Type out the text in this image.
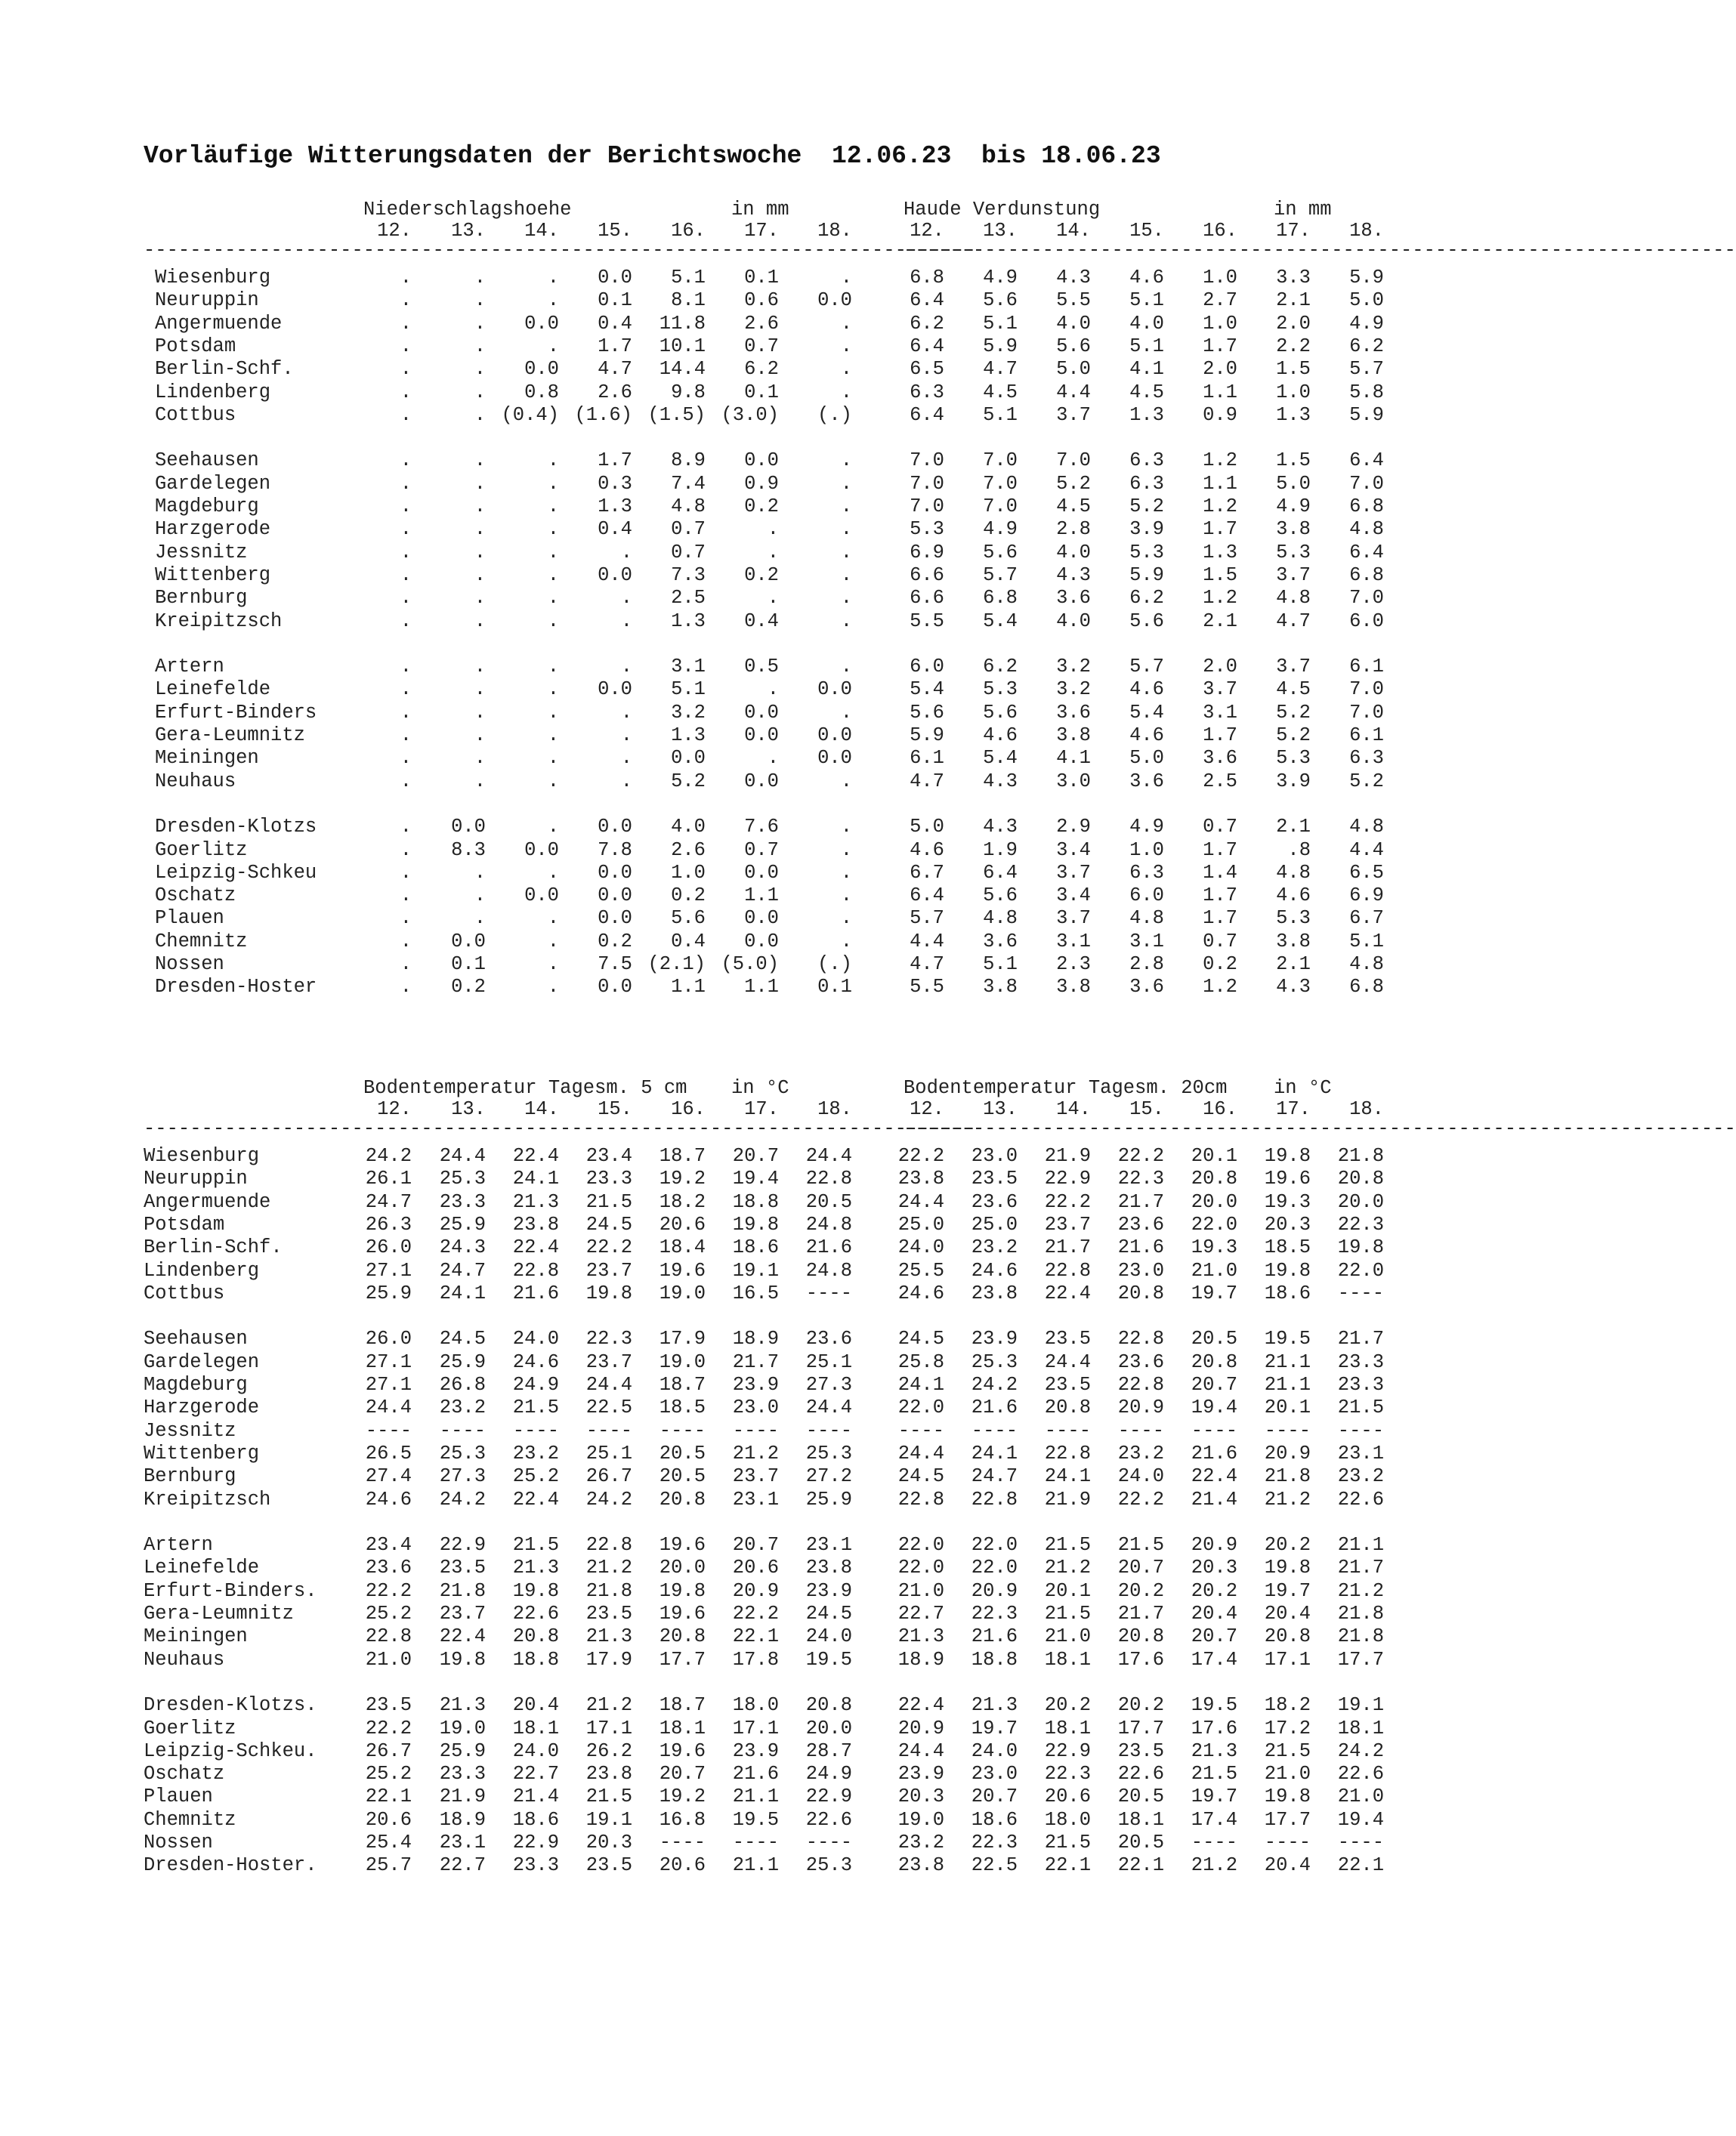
Vorläufige Witterungsdaten der Berichtswoche  12.06.23  bis 18.06.23
Niederschlagshoehe	in mm	Haude Verdunstung	in mm
12.	12.
13.	13.
14.	14.
15.	15.
16.	16.
17.	17.
18.	18.
------------------------------------------------------------------------
------------------------------------------------------------------------
Wiesenburg	.	.	.	0.0	5.1	0.1	.	6.8	4.9	4.3	4.6	1.0	3.3	5.9
Neuruppin	.	.	.	0.1	8.1	0.6	0.0	6.4	5.6	5.5	5.1	2.7	2.1	5.0
Angermuende	.	.	0.0	0.4	11.8	2.6	.	6.2	5.1	4.0	4.0	1.0	2.0	4.9
Potsdam	.	.	.	1.7	10.1	0.7	.	6.4	5.9	5.6	5.1	1.7	2.2	6.2
Berlin-Schf.	.	.	0.0	4.7	14.4	6.2	.	6.5	4.7	5.0	4.1	2.0	1.5	5.7
Lindenberg	.	.	0.8	2.6	9.8	0.1	.	6.3	4.5	4.4	4.5	1.1	1.0	5.8
Cottbus	.	. (0.4) (1.6) (1.5) (3.0)	(.)	6.4	5.1	3.7	1.3	0.9	1.3	5.9
Seehausen	.	.	.	1.7	8.9	0.0	.	7.0	7.0	7.0	6.3	1.2	1.5	6.4
Gardelegen	.	.	.	0.3	7.4	0.9	.	7.0	7.0	5.2	6.3	1.1	5.0	7.0
Magdeburg	.	.	.	1.3	4.8	0.2	.	7.0	7.0	4.5	5.2	1.2	4.9	6.8
Harzgerode	.	.	.	0.4	0.7	.	.	5.3	4.9	2.8	3.9	1.7	3.8	4.8
Jessnitz	.	.	.	.	0.7	.	.	6.9	5.6	4.0	5.3	1.3	5.3	6.4
Wittenberg	.	.	.	0.0	7.3	0.2	.	6.6	5.7	4.3	5.9	1.5	3.7	6.8
Bernburg	.	.	.	.	2.5	.	.	6.6	6.8	3.6	6.2	1.2	4.8	7.0
Kreipitzsch	.	.	.	.	1.3	0.4	.	5.5	5.4	4.0	5.6	2.1	4.7	6.0
Artern	.	.	.	.	3.1	0.5	.	6.0	6.2	3.2	5.7	2.0	3.7	6.1
Leinefelde	.	.	.	0.0	5.1	.	0.0	5.4	5.3	3.2	4.6	3.7	4.5	7.0
Erfurt-Binders	.	.	.	.	3.2	0.0	.	5.6	5.6	3.6	5.4	3.1	5.2	7.0
Gera-Leumnitz	.	.	.	.	1.3	0.0	0.0	5.9	4.6	3.8	4.6	1.7	5.2	6.1
Meiningen	.	.	.	.	0.0	.	0.0	6.1	5.4	4.1	5.0	3.6	5.3	6.3
Neuhaus	.	.	.	.	5.2	0.0	.	4.7	4.3	3.0	3.6	2.5	3.9	5.2
Dresden-Klotzs	.	0.0	.	0.0	4.0	7.6	.	5.0	4.3	2.9	4.9	0.7	2.1	4.8
Goerlitz	.	8.3	0.0	7.8	2.6	0.7	.	4.6	1.9	3.4	1.0	1.7	.8	4.4
Leipzig-Schkeu	.	.	.	0.0	1.0	0.0	.	6.7	6.4	3.7	6.3	1.4	4.8	6.5
Oschatz	.	.	0.0	0.0	0.2	1.1	.	6.4	5.6	3.4	6.0	1.7	4.6	6.9
Plauen	.	.	.	0.0	5.6	0.0	.	5.7	4.8	3.7	4.8	1.7	5.3	6.7
Chemnitz	.	0.0	.	0.2	0.4	0.0	.	4.4	3.6	3.1	3.1	0.7	3.8	5.1
Nossen	.	0.1	.	7.5 (2.1) (5.0)	(.)	4.7	5.1	2.3	2.8	0.2	2.1	4.8
Dresden-Hoster	.	0.2	.	0.0	1.1	1.1	0.1	5.5	3.8	3.8	3.6	1.2	4.3	6.8
Bodentemperatur Tagesm. 5 cm in °C	Bodentemperatur Tagesm. 20cm in °C
12.	12.
13.	13.
14.	14.
15.	15.
16.	16.
17.	17.
18.	18.
------------------------------------------------------------------------
------------------------------------------------------------------------
Wiesenburg	24.2	24.4	22.4	23.4	18.7	20.7	24.4	22.2	23.0	21.9	22.2	20.1	19.8	21.8
Neuruppin	26.1	25.3	24.1	23.3	19.2	19.4	22.8	23.8	23.5	22.9	22.3	20.8	19.6	20.8
Angermuende	24.7	23.3	21.3	21.5	18.2	18.8	20.5	24.4	23.6	22.2	21.7	20.0	19.3	20.0
Potsdam	26.3	25.9	23.8	24.5	20.6	19.8	24.8	25.0	25.0	23.7	23.6	22.0	20.3	22.3
Berlin-Schf.	26.0	24.3	22.4	22.2	18.4	18.6	21.6	24.0	23.2	21.7	21.6	19.3	18.5	19.8
Lindenberg	27.1	24.7	22.8	23.7	19.6	19.1	24.8	25.5	24.6	22.8	23.0	21.0	19.8	22.0
Cottbus	25.9	24.1	21.6	19.8	19.0	16.5	----	24.6	23.8	22.4	20.8	19.7	18.6	----
Seehausen	26.0	24.5	24.0	22.3	17.9	18.9	23.6	24.5	23.9	23.5	22.8	20.5	19.5	21.7
Gardelegen	27.1	25.9	24.6	23.7	19.0	21.7	25.1	25.8	25.3	24.4	23.6	20.8	21.1	23.3
Magdeburg	27.1	26.8	24.9	24.4	18.7	23.9	27.3	24.1	24.2	23.5	22.8	20.7	21.1	23.3
Harzgerode	24.4	23.2	21.5	22.5	18.5	23.0	24.4	22.0	21.6	20.8	20.9	19.4	20.1	21.5
Jessnitz	----	----	----	----	----	----	----	----	----	----	----	----	----	----
Wittenberg	26.5	25.3	23.2	25.1	20.5	21.2	25.3	24.4	24.1	22.8	23.2	21.6	20.9	23.1
Bernburg	27.4	27.3	25.2	26.7	20.5	23.7	27.2	24.5	24.7	24.1	24.0	22.4	21.8	23.2
Kreipitzsch	24.6	24.2	22.4	24.2	20.8	23.1	25.9	22.8	22.8	21.9	22.2	21.4	21.2	22.6
Artern	23.4	22.9	21.5	22.8	19.6	20.7	23.1	22.0	22.0	21.5	21.5	20.9	20.2	21.1
Leinefelde	23.6	23.5	21.3	21.2	20.0	20.6	23.8	22.0	22.0	21.2	20.7	20.3	19.8	21.7
Erfurt-Binders.	22.2	21.8	19.8	21.8	19.8	20.9	23.9	21.0	20.9	20.1	20.2	20.2	19.7	21.2
Gera-Leumnitz	25.2	23.7	22.6	23.5	19.6	22.2	24.5	22.7	22.3	21.5	21.7	20.4	20.4	21.8
Meiningen	22.8	22.4	20.8	21.3	20.8	22.1	24.0	21.3	21.6	21.0	20.8	20.7	20.8	21.8
Neuhaus	21.0	19.8	18.8	17.9	17.7	17.8	19.5	18.9	18.8	18.1	17.6	17.4	17.1	17.7
Dresden-Klotzs.	23.5	21.3	20.4	21.2	18.7	18.0	20.8	22.4	21.3	20.2	20.2	19.5	18.2	19.1
Goerlitz	22.2	19.0	18.1	17.1	18.1	17.1	20.0	20.9	19.7	18.1	17.7	17.6	17.2	18.1
Leipzig-Schkeu.	26.7	25.9	24.0	26.2	19.6	23.9	28.7	24.4	24.0	22.9	23.5	21.3	21.5	24.2
Oschatz	25.2	23.3	22.7	23.8	20.7	21.6	24.9	23.9	23.0	22.3	22.6	21.5	21.0	22.6
Plauen	22.1	21.9	21.4	21.5	19.2	21.1	22.9	20.3	20.7	20.6	20.5	19.7	19.8	21.0
Chemnitz	20.6	18.9	18.6	19.1	16.8	19.5	22.6	19.0	18.6	18.0	18.1	17.4	17.7	19.4
Nossen	25.4	23.1	22.9	20.3	----	----	----	23.2	22.3	21.5	20.5	----	----	----
Dresden-Hoster.	25.7	22.7	23.3	23.5	20.6	21.1	25.3	23.8	22.5	22.1	22.1	21.2	20.4	22.1
